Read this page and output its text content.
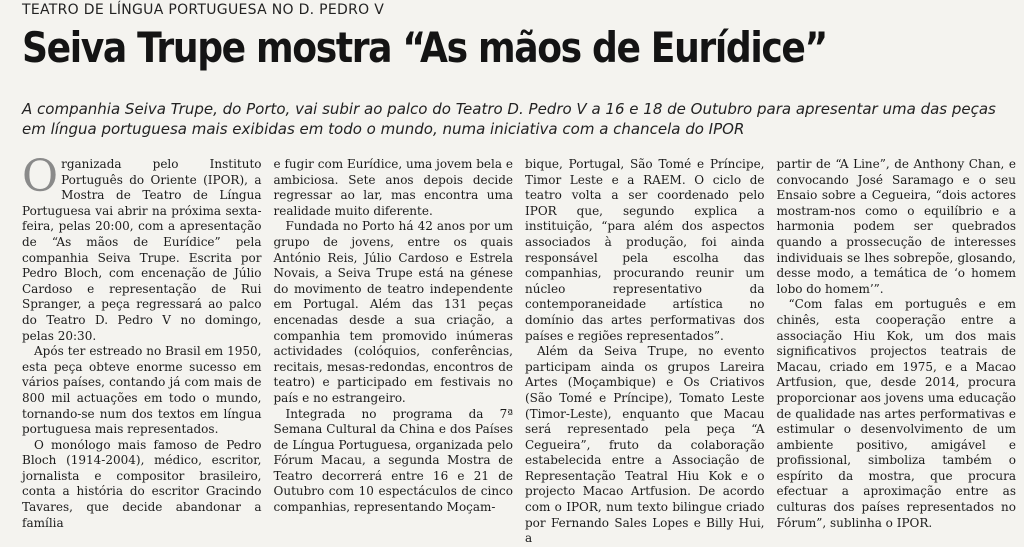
TEATRO DE LÍNGUA PORTUGUESA NO D. PEDRO V
Seiva Trupe mostra “As mãos de Eurídice”
A companhia Seiva Trupe, do Porto, vai subir ao palco do Teatro D. Pedro V a 16 e 18 de Outubro para apresentar uma das peças em língua portuguesa mais exibidas em todo o mundo, numa iniciativa com a chancela do IPOR

Organizada pelo Instituto Português do Oriente (IPOR), a Mostra de Teatro de Língua Portuguesa vai abrir na próxima sexta-feira, pelas 20:00, com a apresentação de “As mãos de Eurídice” pela companhia Seiva Trupe. Escrita por Pedro Bloch, com encenação de Júlio Cardoso e representação de Rui Spranger, a peça regressará ao palco do Teatro D. Pedro V no domingo, pelas 20:30.

Após ter estreado no Brasil em 1950, esta peça obteve enorme sucesso em vários países, contando já com mais de 800 mil actuações em todo o mundo, tornando-se num dos textos em língua portuguesa mais representados.

O monólogo mais famoso de Pedro Bloch (1914-2004), médico, escritor, jornalista e compositor brasileiro, conta a história do escritor Gracindo Tavares, que decide abandonar a família

e fugir com Eurídice, uma jovem bela e ambiciosa. Sete anos depois decide regressar ao lar, mas encontra uma realidade muito diferente.

Fundada no Porto há 42 anos por um grupo de jovens, entre os quais António Reis, Júlio Cardoso e Estrela Novais, a Seiva Trupe está na génese do movimento de teatro independente em Portugal. Além das 131 peças encenadas desde a sua criação, a companhia tem promovido inúmeras actividades (colóquios, conferências, recitais, mesas-redondas, encontros de teatro) e participado em festivais no país e no estrangeiro.

Integrada no programa da 7ª Semana Cultural da China e dos Países de Língua Portuguesa, organizada pelo Fórum Macau, a segunda Mostra de Teatro decorrerá entre 16 e 21 de Outubro com 10 espectáculos de cinco companhias, representando Moçam-

bique, Portugal, São Tomé e Príncipe, Timor Leste e a RAEM. O ciclo de teatro volta a ser coordenado pelo IPOR que, segundo explica a instituição, “para além dos aspectos associados à produção, foi ainda responsável pela escolha das companhias, procurando reunir um núcleo representativo da contemporaneidade artística no domínio das artes performativas dos países e regiões representados”.

Além da Seiva Trupe, no evento participam ainda os grupos Lareira Artes (Moçambique) e Os Criativos (São Tomé e Príncipe), Tomato Leste (Timor-Leste), enquanto que Macau será representado pela peça “A Cegueira”, fruto da colaboração estabelecida entre a Associação de Representação Teatral Hiu Kok e o projecto Macao Artfusion. De acordo com o IPOR, num texto bilingue criado por Fernando Sales Lopes e Billy Hui, a

partir de “A Line”, de Anthony Chan, e convocando José Saramago e o seu Ensaio sobre a Cegueira, “dois actores mostram-nos como o equilíbrio e a harmonia podem ser quebrados quando a prossecução de interesses individuais se lhes sobrepõe, glosando, desse modo, a temática de ‘o homem lobo do homem’”.

“Com falas em português e em chinês, esta cooperação entre a associação Hiu Kok, um dos mais significativos projectos teatrais de Macau, criado em 1975, e a Macao Artfusion, que, desde 2014, procura proporcionar aos jovens uma educação de qualidade nas artes performativas e estimular o desenvolvimento de um ambiente positivo, amigável e profissional, simboliza também o espírito da mostra, que procura efectuar a aproximação entre as culturas dos países representados no Fórum”, sublinha o IPOR.
